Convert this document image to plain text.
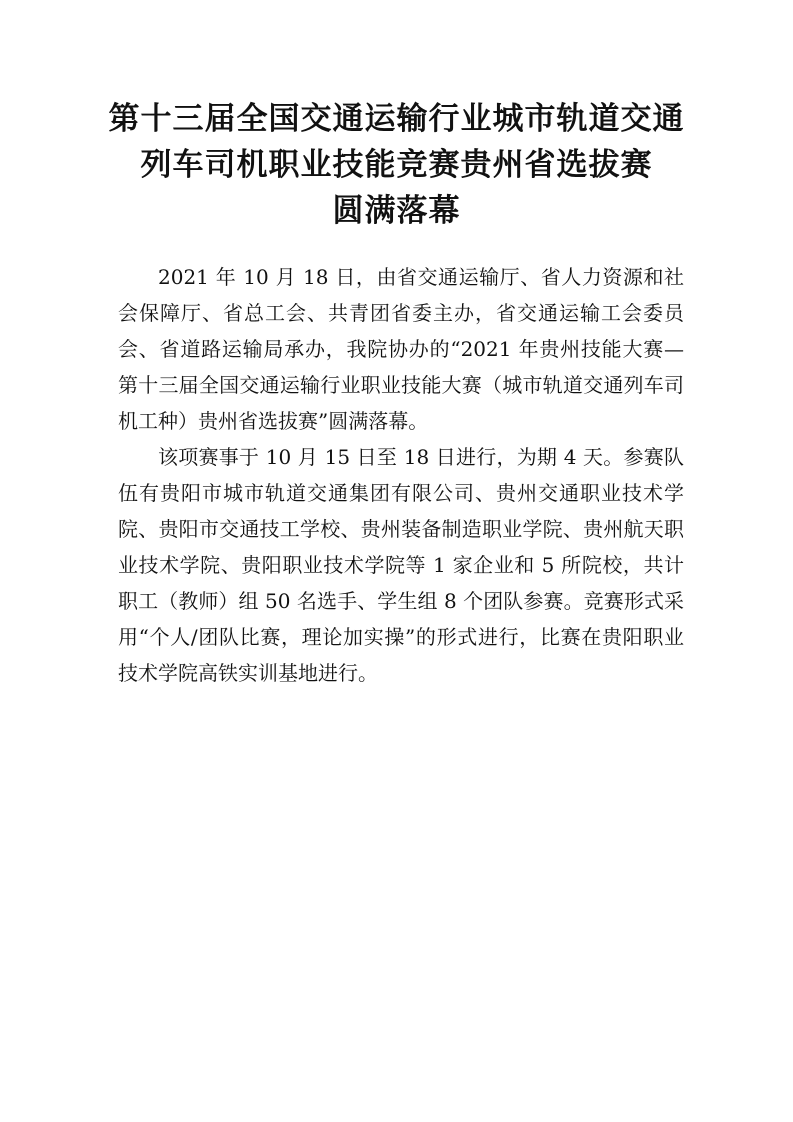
第十三届全国交通运输行业城市轨道交通
列车司机职业技能竞赛贵州省选拔赛
圆满落幕

2021 年 10 月 18 日，由省交通运输厅、省人力资源和社会保障厅、省总工会、共青团省委主办，省交通运输工会委员会、省道路运输局承办，我院协办的“2021 年贵州技能大赛—第十三届全国交通运输行业职业技能大赛（城市轨道交通列车司机工种）贵州省选拔赛”圆满落幕。

该项赛事于 10 月 15 日至 18 日进行，为期 4 天。参赛队伍有贵阳市城市轨道交通集团有限公司、贵州交通职业技术学院、贵阳市交通技工学校、贵州装备制造职业学院、贵州航天职业技术学院、贵阳职业技术学院等 1 家企业和 5 所院校，共计职工（教师）组 50 名选手、学生组 8 个团队参赛。竞赛形式采用“个人/团队比赛，理论加实操”的形式进行，比赛在贵阳职业技术学院高铁实训基地进行。
